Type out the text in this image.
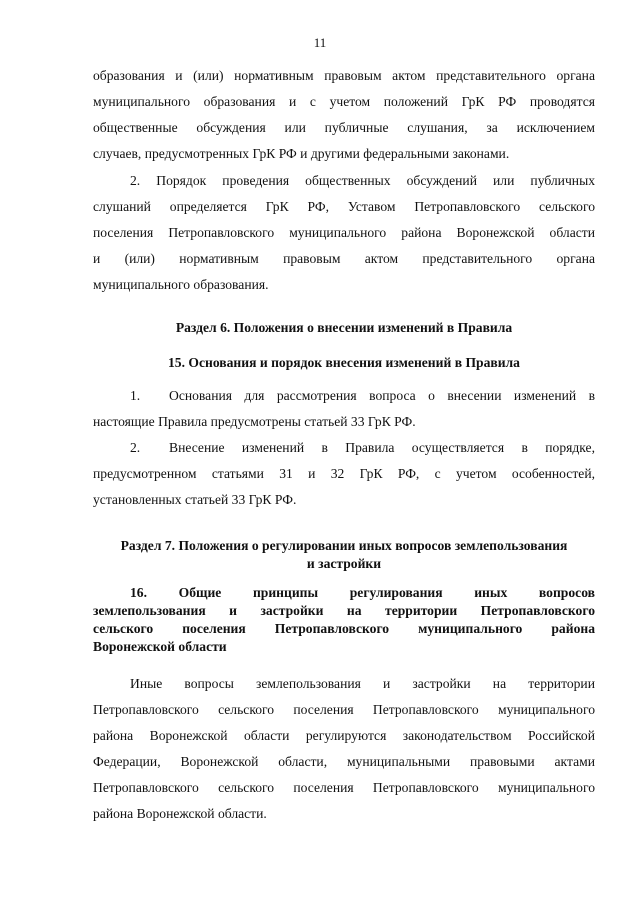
11
образования и (или) нормативным правовым актом представительного органа
муниципального образования и с учетом положений ГрК РФ проводятся
общественные обсуждения или публичные слушания, за исключением
случаев, предусмотренных ГрК РФ и другими федеральными законами.
2. Порядок проведения общественных обсуждений или публичных
слушаний определяется ГрК РФ, Уставом Петропавловского сельского
поселения Петропавловского муниципального района Воронежской области
и (или) нормативным правовым актом представительного органа
муниципального образования.
Раздел 6. Положения о внесении изменений в Правила
15. Основания и порядок внесения изменений в Правила
1. Основания для рассмотрения вопроса о внесении изменений в
настоящие Правила предусмотрены статьей 33 ГрК РФ.
2. Внесение изменений в Правила осуществляется в порядке,
предусмотренном статьями 31 и 32 ГрК РФ, с учетом особенностей,
установленных статьей 33 ГрК РФ.
Раздел 7. Положения о регулировании иных вопросов землепользования
и застройки
16. Общие принципы регулирования иных вопросов
землепользования и застройки на территории Петропавловского
сельского поселения Петропавловского муниципального района
Воронежской области
Иные вопросы землепользования и застройки на территории
Петропавловского сельского поселения Петропавловского муниципального
района Воронежской области регулируются законодательством Российской
Федерации, Воронежской области, муниципальными правовыми актами
Петропавловского сельского поселения Петропавловского муниципального
района Воронежской области.
